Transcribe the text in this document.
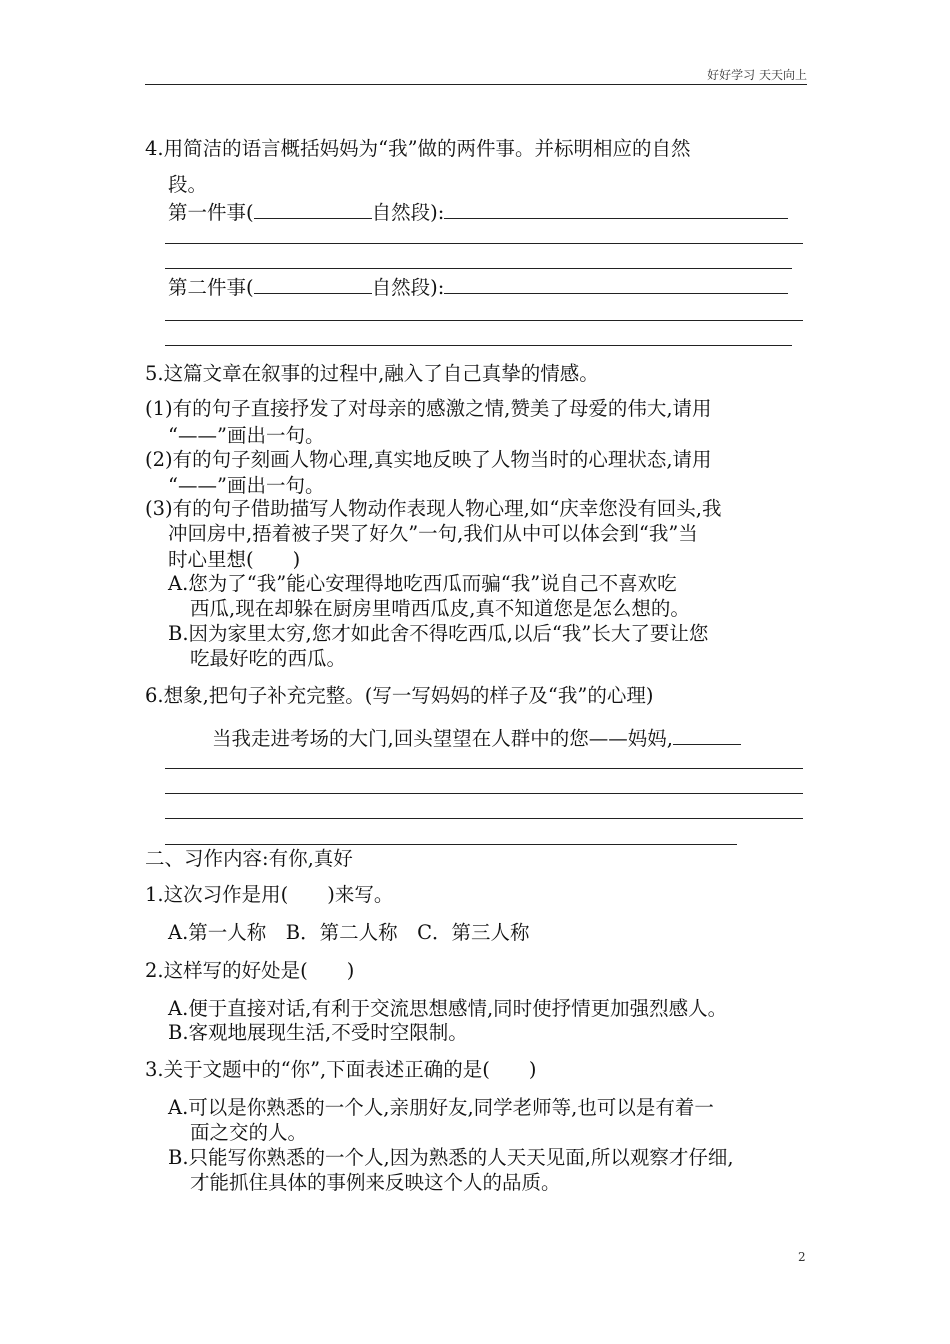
好好学习 天天向上
4.用简洁的语言概括妈妈为“我”做的两件事。并标明相应的自然
段。
第一件事(	自然段):
第二件事(	自然段):
5.这篇文章在叙事的过程中,融入了自己真挚的情感。
(1)有的句子直接抒发了对母亲的感激之情,赞美了母爱的伟大,请用
“——”画出一句。
(2)有的句子刻画人物心理,真实地反映了人物当时的心理状态,请用
“——”画出一句。
(3)有的句子借助描写人物动作表现人物心理,如“庆幸您没有回头,我
冲回房中,捂着被子哭了好久”一句,我们从中可以体会到“我”当
时心里想(　　)
A.您为了“我”能心安理得地吃西瓜而骗“我”说自己不喜欢吃
西瓜,现在却躲在厨房里啃西瓜皮,真不知道您是怎么想的。
B.因为家里太穷,您才如此舍不得吃西瓜,以后“我”长大了要让您
吃最好吃的西瓜。
6.想象,把句子补充完整。(写一写妈妈的样子及“我”的心理)
当我走进考场的大门,回头望望在人群中的您——妈妈,
二、习作内容:有你,真好
1.这次习作是用(　　)来写。
A.第一人称　B．第二人称　C．第三人称
2.这样写的好处是(　　)
A.便于直接对话,有利于交流思想感情,同时使抒情更加强烈感人。
B.客观地展现生活,不受时空限制。
3.关于文题中的“你”,下面表述正确的是(　　)
A.可以是你熟悉的一个人,亲朋好友,同学老师等,也可以是有着一
面之交的人。
B.只能写你熟悉的一个人,因为熟悉的人天天见面,所以观察才仔细,
才能抓住具体的事例来反映这个人的品质。
2
